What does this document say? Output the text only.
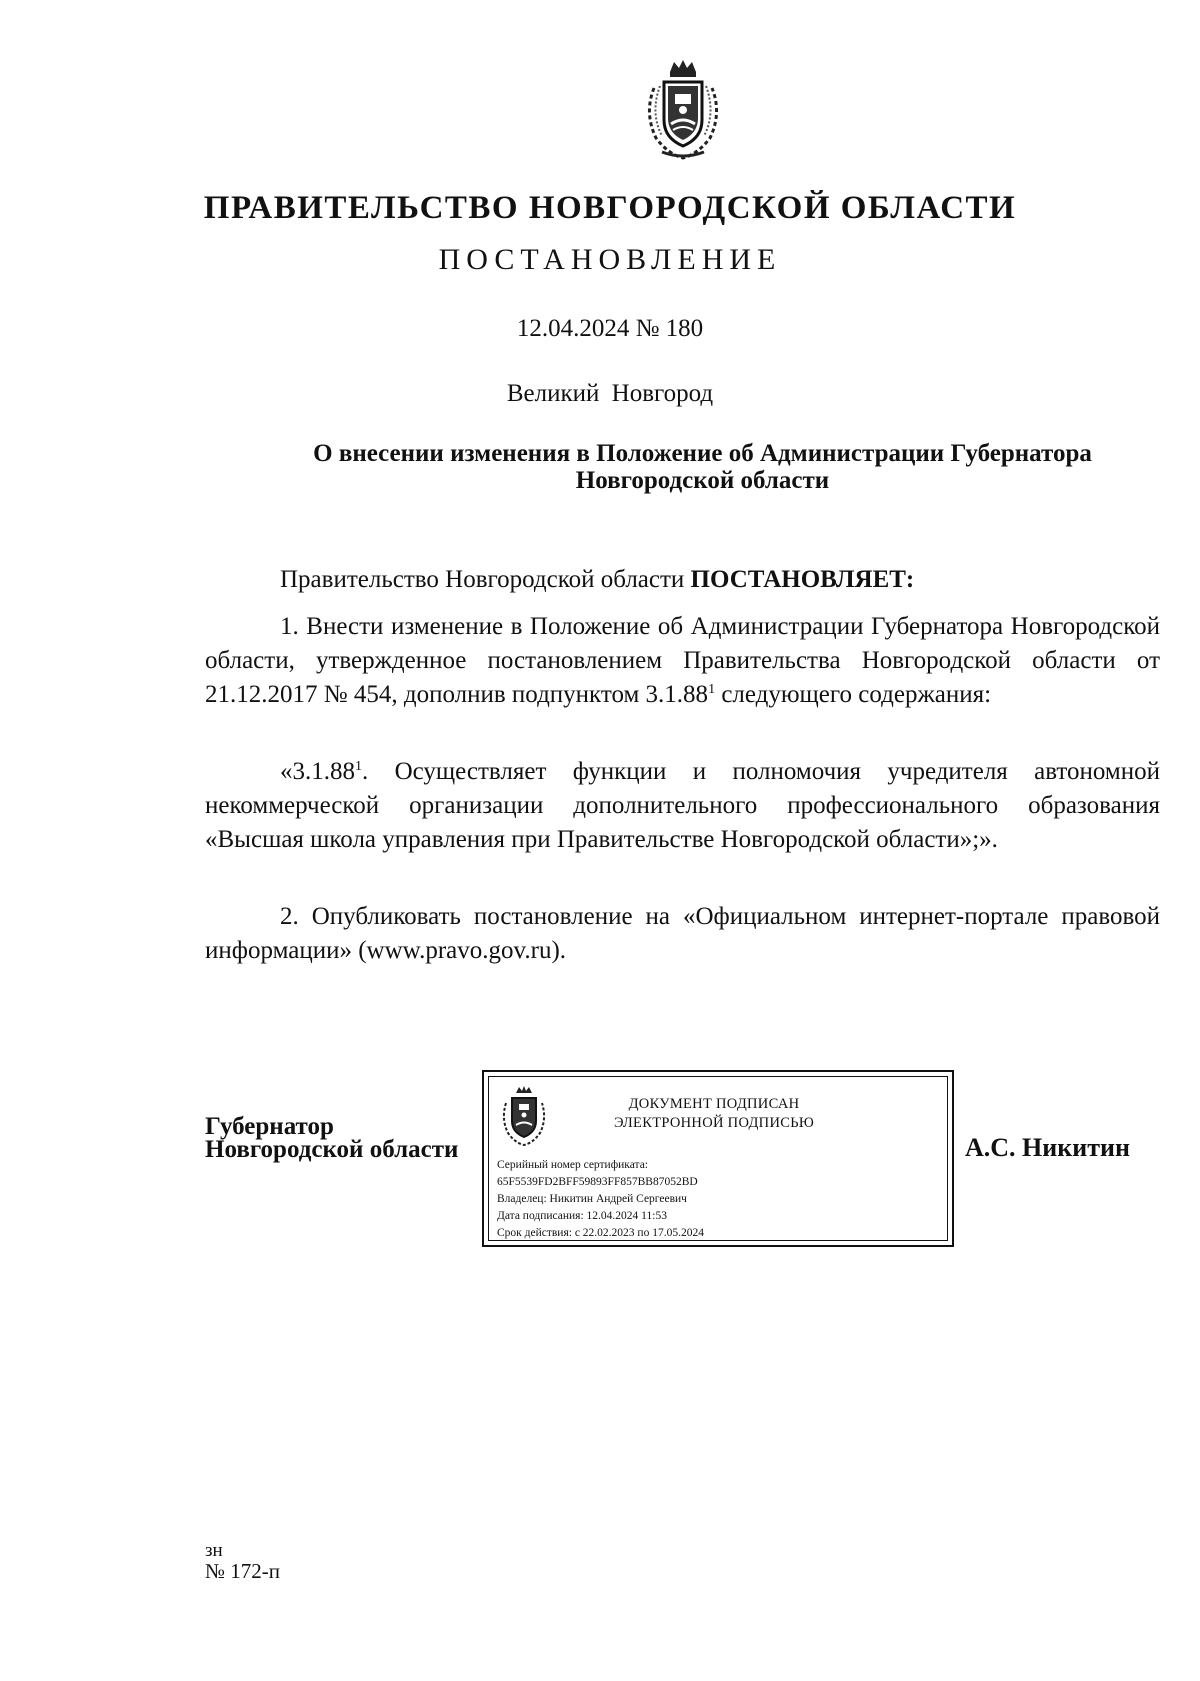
ПРАВИТЕЛЬСТВО НОВГОРОДСКОЙ ОБЛАСТИ
ПОСТАНОВЛЕНИЕ
12.04.2024 № 180
Великий Новгород
О внесении изменения в Положение об Администрации Губернатора
Новгородской области
Правительство Новгородской области ПОСТАНОВЛЯЕТ:
1. Внести изменение в Положение об Администрации Губернатора Новгородской области, утвержденное постановлением Правительства Новгородской области от 21.12.2017 № 454, дополнив подпунктом 3.1.88$^1$ следующего содержания:
«3.1.88$^1$. Осуществляет функции и полномочия учредителя автономной некоммерческой организации дополнительного профессионального образования «Высшая школа управления при Правительстве Новгородской области»;».
2. Опубликовать постановление на «Официальном интернет-портале правовой информации» (www.pravo.gov.ru).
Губернатор
Новгородской области
ДОКУМЕНТ ПОДПИСАН
ЭЛЕКТРОННОЙ ПОДПИСЬЮ
Серийный номер сертификата:
65F5539FD2BFF59893FF857BB87052BD
Владелец: Никитин Андрей Сергеевич
Дата подписания: 12.04.2024 11:53
Срок действия: с 22.02.2023 по 17.05.2024
А.С. Никитин
зн
№ 172-п
